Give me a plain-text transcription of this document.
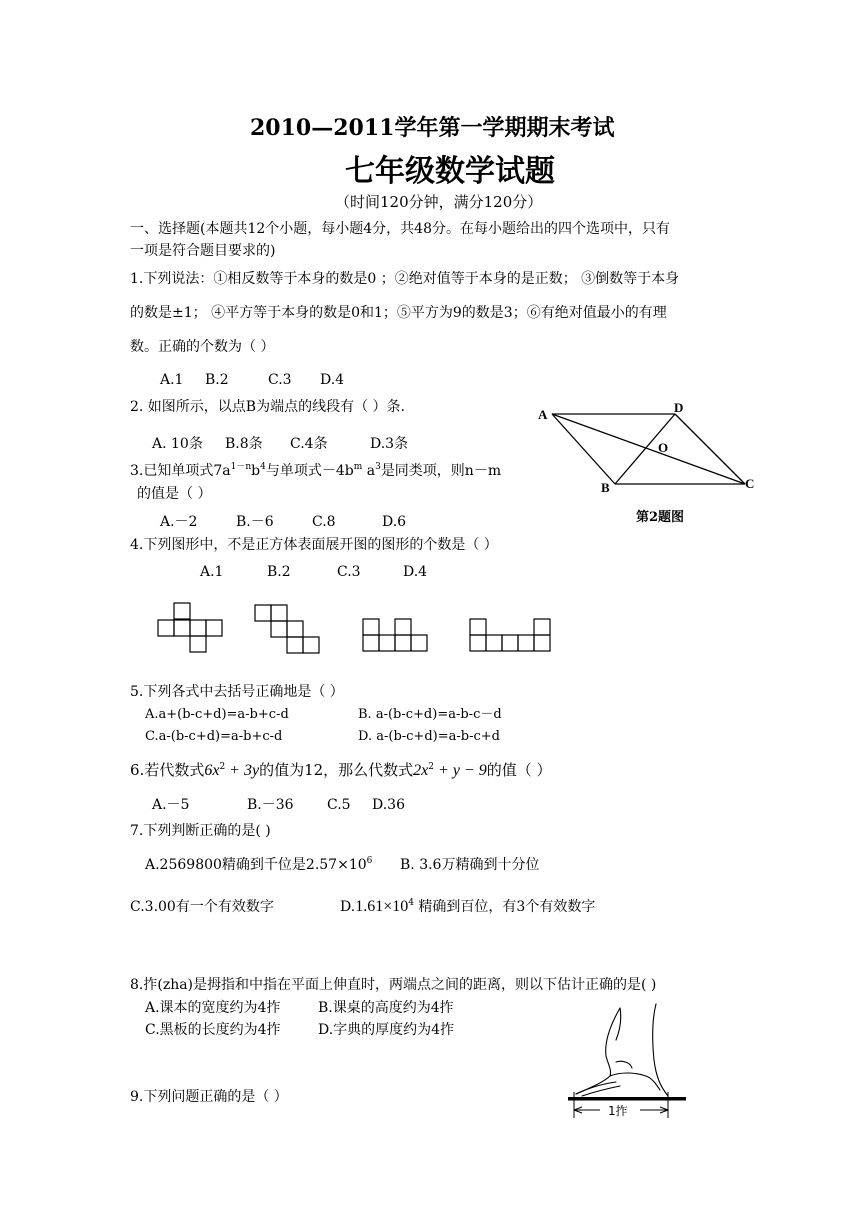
2010—2011学年第一学期期末考试
七年级数学试题
（时间120分钟，满分120分）
一、选择题(本题共12个小题，每小题4分，共48分。在每小题给出的四个选项中，只有
一项是符合题目要求的)
1.下列说法：①相反数等于本身的数是0 ；②绝对值等于本身的是正数； ③倒数等于本身
的数是±1； ④平方等于本身的数是0和1；⑤平方为9的数是3；⑥有绝对值最小的有理
数。正确的个数为（ ）
A.1 B.2	C.3 D.4
2. 如图所示，以点B为端点的线段有（ ）条.
A. 10条 B.8条 C.4条	D.3条
A	D
O
B	C
第2题图
3.已知单项式$7a^{1-n}b^4$与单项式$-4b^m$ $a^3$是同类项，则n－m
的值是（ ）
A.－2	B.－6	C.8	D.6
4.下列图形中，不是正方体表面展开图的图形的个数是（ ）
A.1	B.2	C.3	D.4
5.下列各式中去括号正确地是（ ）
A.a+(b-c+d)=a-b+c-d	B. a-(b-c+d)=a-b-c－d
C.a-(b-c+d)=a-b+c-d	D. a-(b-c+d)=a-b-c+d
6.若代数式$6x^2 + 3y$的值为12，那么代数式$2x^2 + y - 9$的值（ ）
A.－5	B.－36 C.5 D.36
7.下列判断正确的是( )
A.2569800精确到千位是$2.57\times 10^6$ B. 3.6万精确到十分位
C.3.00有一个有效数字	$D.1.61\times 10^4$ 精确到百位，有3个有效数字
8.拃(zha)是拇指和中指在平面上伸直时，两端点之间的距离，则以下估计正确的是( )
A.课本的宽度约为4拃	B.课桌的高度约为4拃
C.黑板的长度约为4拃	D.字典的厚度约为4拃
1拃
9.下列问题正确的是（ ）
